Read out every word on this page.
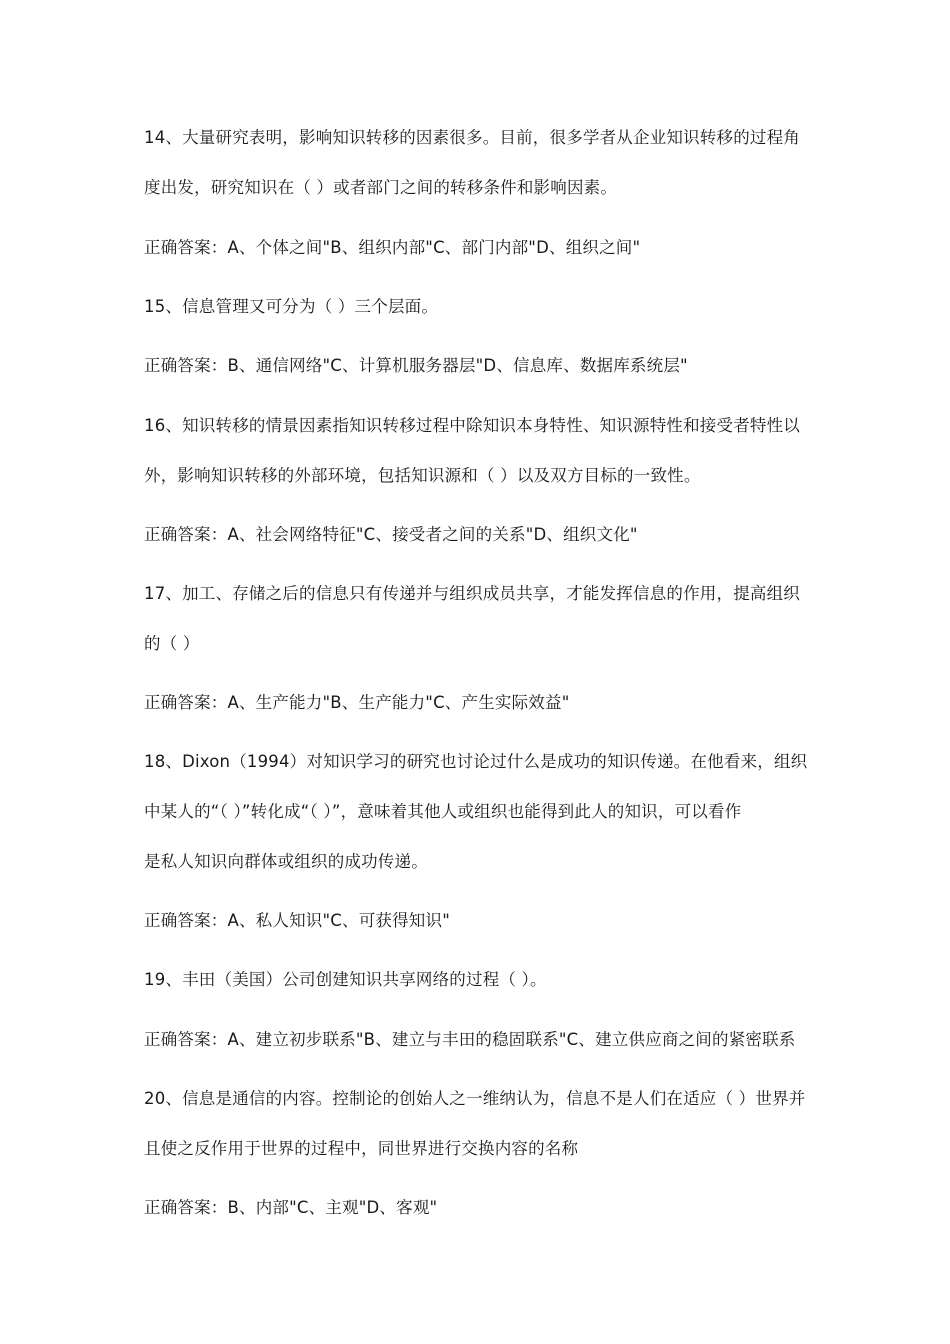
14、大量研究表明，影响知识转移的因素很多。目前，很多学者从企业知识转移的过程角
度出发，研究知识在（ ）或者部门之间的转移条件和影响因素。
正确答案：A、个体之间"B、组织内部"C、部门内部"D、组织之间"
15、信息管理又可分为（ ）三个层面。
正确答案：B、通信网络"C、计算机服务器层"D、信息库、数据库系统层"
16、知识转移的情景因素指知识转移过程中除知识本身特性、知识源特性和接受者特性以
外，影响知识转移的外部环境，包括知识源和（ ）以及双方目标的一致性。
正确答案：A、社会网络特征"C、接受者之间的关系"D、组织文化"
17、加工、存储之后的信息只有传递并与组织成员共享，才能发挥信息的作用，提高组织
的（ ）
正确答案：A、生产能力"B、生产能力"C、产生实际效益"
18、Dixon（1994）对知识学习的研究也讨论过什么是成功的知识传递。在他看来，组织
中某人的“（ ）”转化成“（ ）”，意味着其他人或组织也能得到此人的知识，可以看作
是私人知识向群体或组织的成功传递。
正确答案：A、私人知识"C、可获得知识"
19、丰田（美国）公司创建知识共享网络的过程（ ）。
正确答案：A、建立初步联系"B、建立与丰田的稳固联系"C、建立供应商之间的紧密联系
20、信息是通信的内容。控制论的创始人之一维纳认为，信息不是人们在适应（ ）世界并
且使之反作用于世界的过程中，同世界进行交换内容的名称
正确答案：B、内部"C、主观"D、客观"
